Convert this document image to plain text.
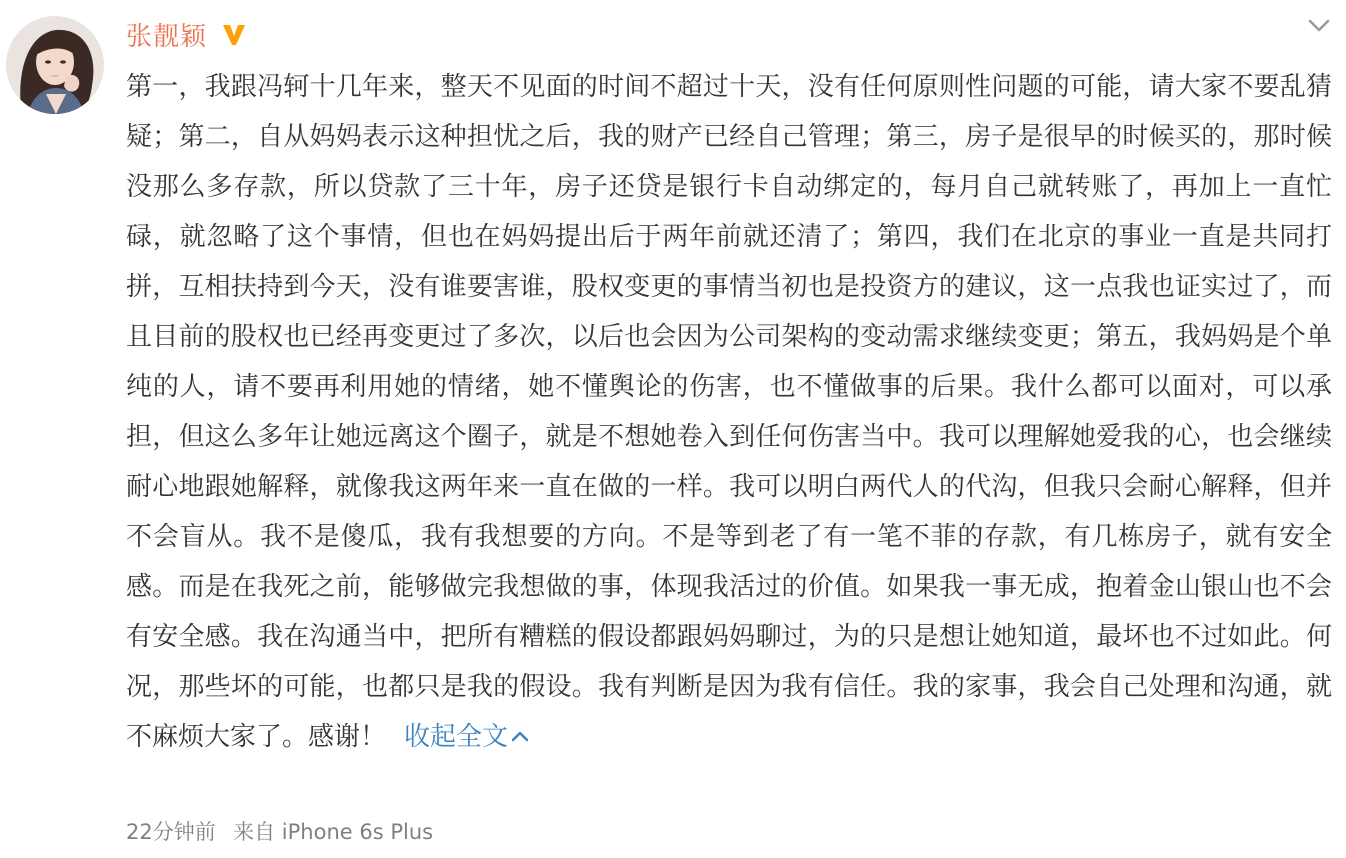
张靓颖
第一，我跟冯轲十几年来，整天不见面的时间不超过十天，没有任何原则性问题的可能，请大家不要乱猜疑；第二，自从妈妈表示这种担忧之后，我的财产已经自己管理；第三，房子是很早的时候买的，那时候没那么多存款，所以贷款了三十年，房子还贷是银行卡自动绑定的，每月自己就转账了，再加上一直忙碌，就忽略了这个事情，但也在妈妈提出后于两年前就还清了；第四，我们在北京的事业一直是共同打拼，互相扶持到今天，没有谁要害谁，股权变更的事情当初也是投资方的建议，这一点我也证实过了，而且目前的股权也已经再变更过了多次，以后也会因为公司架构的变动需求继续变更；第五，我妈妈是个单纯的人，请不要再利用她的情绪，她不懂舆论的伤害，也不懂做事的后果。我什么都可以面对，可以承担，但这么多年让她远离这个圈子，就是不想她卷入到任何伤害当中。我可以理解她爱我的心，也会继续耐心地跟她解释，就像我这两年来一直在做的一样。我可以明白两代人的代沟，但我只会耐心解释，但并不会盲从。我不是傻瓜，我有我想要的方向。不是等到老了有一笔不菲的存款，有几栋房子，就有安全感。而是在我死之前，能够做完我想做的事，体现我活过的价值。如果我一事无成，抱着金山银山也不会有安全感。我在沟通当中，把所有糟糕的假设都跟妈妈聊过，为的只是想让她知道，最坏也不过如此。何况，那些坏的可能，也都只是我的假设。我有判断是因为我有信任。我的家事，我会自己处理和沟通，就不麻烦大家了。感谢！ 收起全文
22分钟前 来自 iPhone 6s Plus
